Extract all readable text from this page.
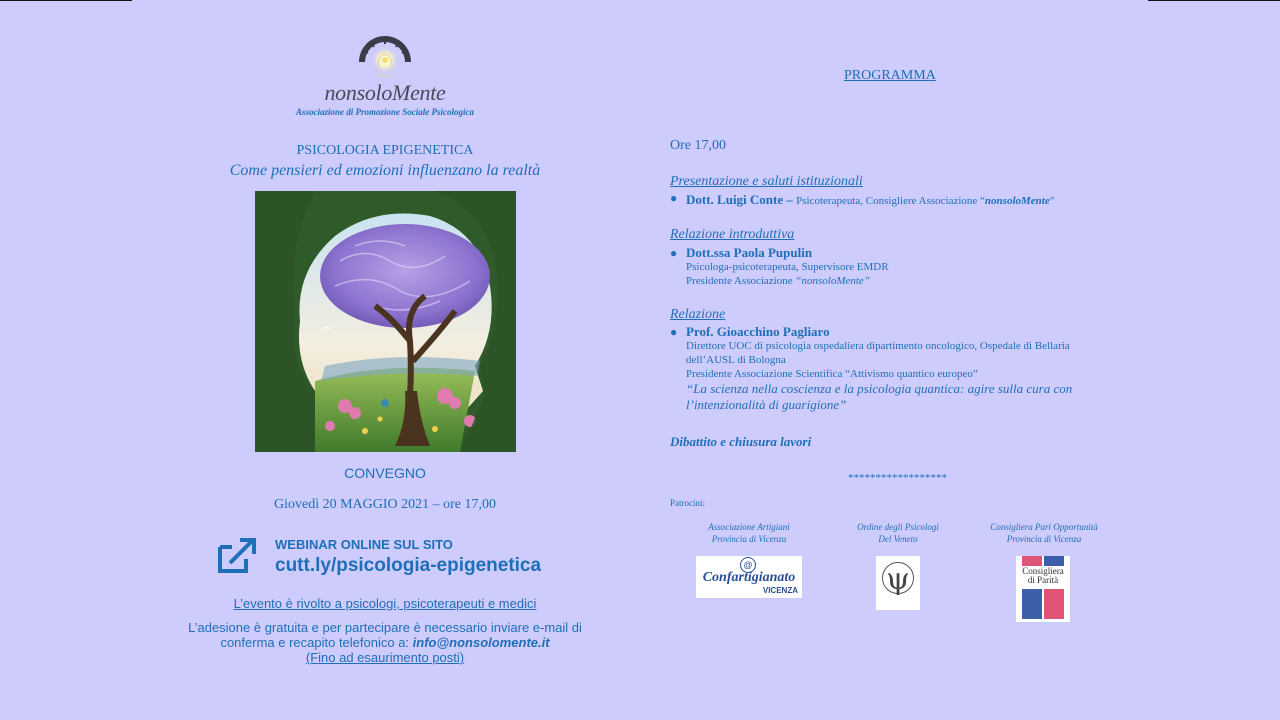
nonsoloMente
Associazione di Promozione Sociale Psicologica
PSICOLOGIA EPIGENETICA
Come pensieri ed emozioni influenzano la realtà
CONVEGNO
Giovedì 20 MAGGIO 2021 – ore 17,00
WEBINAR ONLINE SUL SITO
cutt.ly/psicologia-epigenetica
L’evento è rivolto a psicologi, psicoterapeuti e medici
L’adesione è gratuita e per partecipare è necessario inviare e-mail di
conferma e recapito telefonico a: info@nonsolomente.it
(Fino ad esaurimento posti)
PROGRAMMA
Ore 17,00
Presentazione e saluti istituzionali
● Dott. Luigi Conte – Psicoterapeuta, Consigliere Associazione “nonsoloMente”
Relazione introduttiva
● Dott.ssa Paola Pupulin
Psicologa-psicoterapeuta, Supervisore EMDR
Presidente Associazione “nonsoloMente”
Relazione
● Prof. Gioacchino Pagliaro
Direttore UOC di psicologia ospedaliera dipartimento oncologico, Ospedale di Bellaria
dell’AUSL di Bologna
Presidente Associazione Scientifica “Attivismo quantico europeo”
“La scienza nella coscienza e la psicologia quantica: agire sulla cura con
l’intenzionalità di guarigione”
Dibattito e chiusura lavori
******************
Patrocini:
Associazione Artigiani
Provincia di Vicenza
@
Confartigianato
VICENZA
Ordine degli Psicologi
Del Veneto
ψ
Consigliera Pari Opportunità
Provincia di Vicenza
Consigliera
di Parità
